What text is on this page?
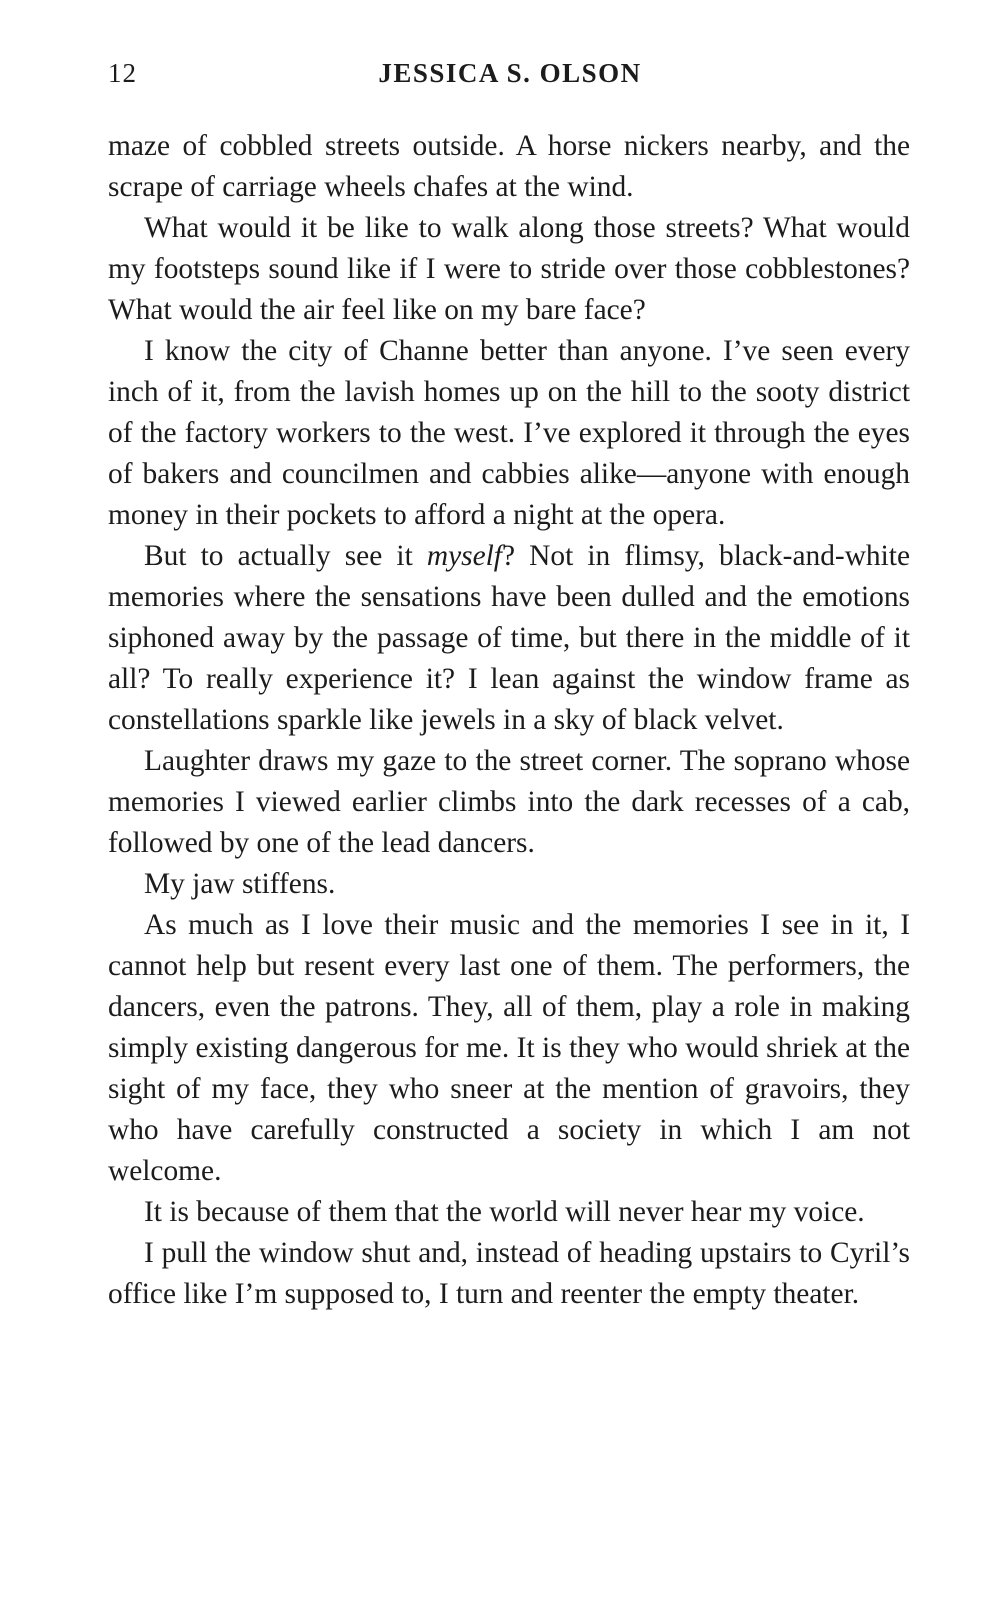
12	JESSICA S. OLSON

maze of cobbled streets outside. A horse nickers nearby, and the scrape of carriage wheels chafes at the wind.

What would it be like to walk along those streets? What would my footsteps sound like if I were to stride over those cobblestones? What would the air feel like on my bare face?

I know the city of Channe better than anyone. I’ve seen every inch of it, from the lavish homes up on the hill to the sooty district of the factory workers to the west. I’ve explored it through the eyes of bakers and councilmen and cabbies alike—anyone with enough money in their pockets to afford a night at the opera.

But to actually see it myself? Not in flimsy, black-and-white memories where the sensations have been dulled and the emotions siphoned away by the passage of time, but there in the middle of it all? To really experience it? I lean against the window frame as constellations sparkle like jewels in a sky of black velvet.

Laughter draws my gaze to the street corner. The soprano whose memories I viewed earlier climbs into the dark recesses of a cab, followed by one of the lead dancers.

My jaw stiffens.

As much as I love their music and the memories I see in it, I cannot help but resent every last one of them. The performers, the dancers, even the patrons. They, all of them, play a role in making simply existing dangerous for me. It is they who would shriek at the sight of my face, they who sneer at the mention of gravoirs, they who have carefully constructed a society in which I am not welcome.

It is because of them that the world will never hear my voice.

I pull the window shut and, instead of heading upstairs to Cyril’s office like I’m supposed to, I turn and reenter the empty theater.
